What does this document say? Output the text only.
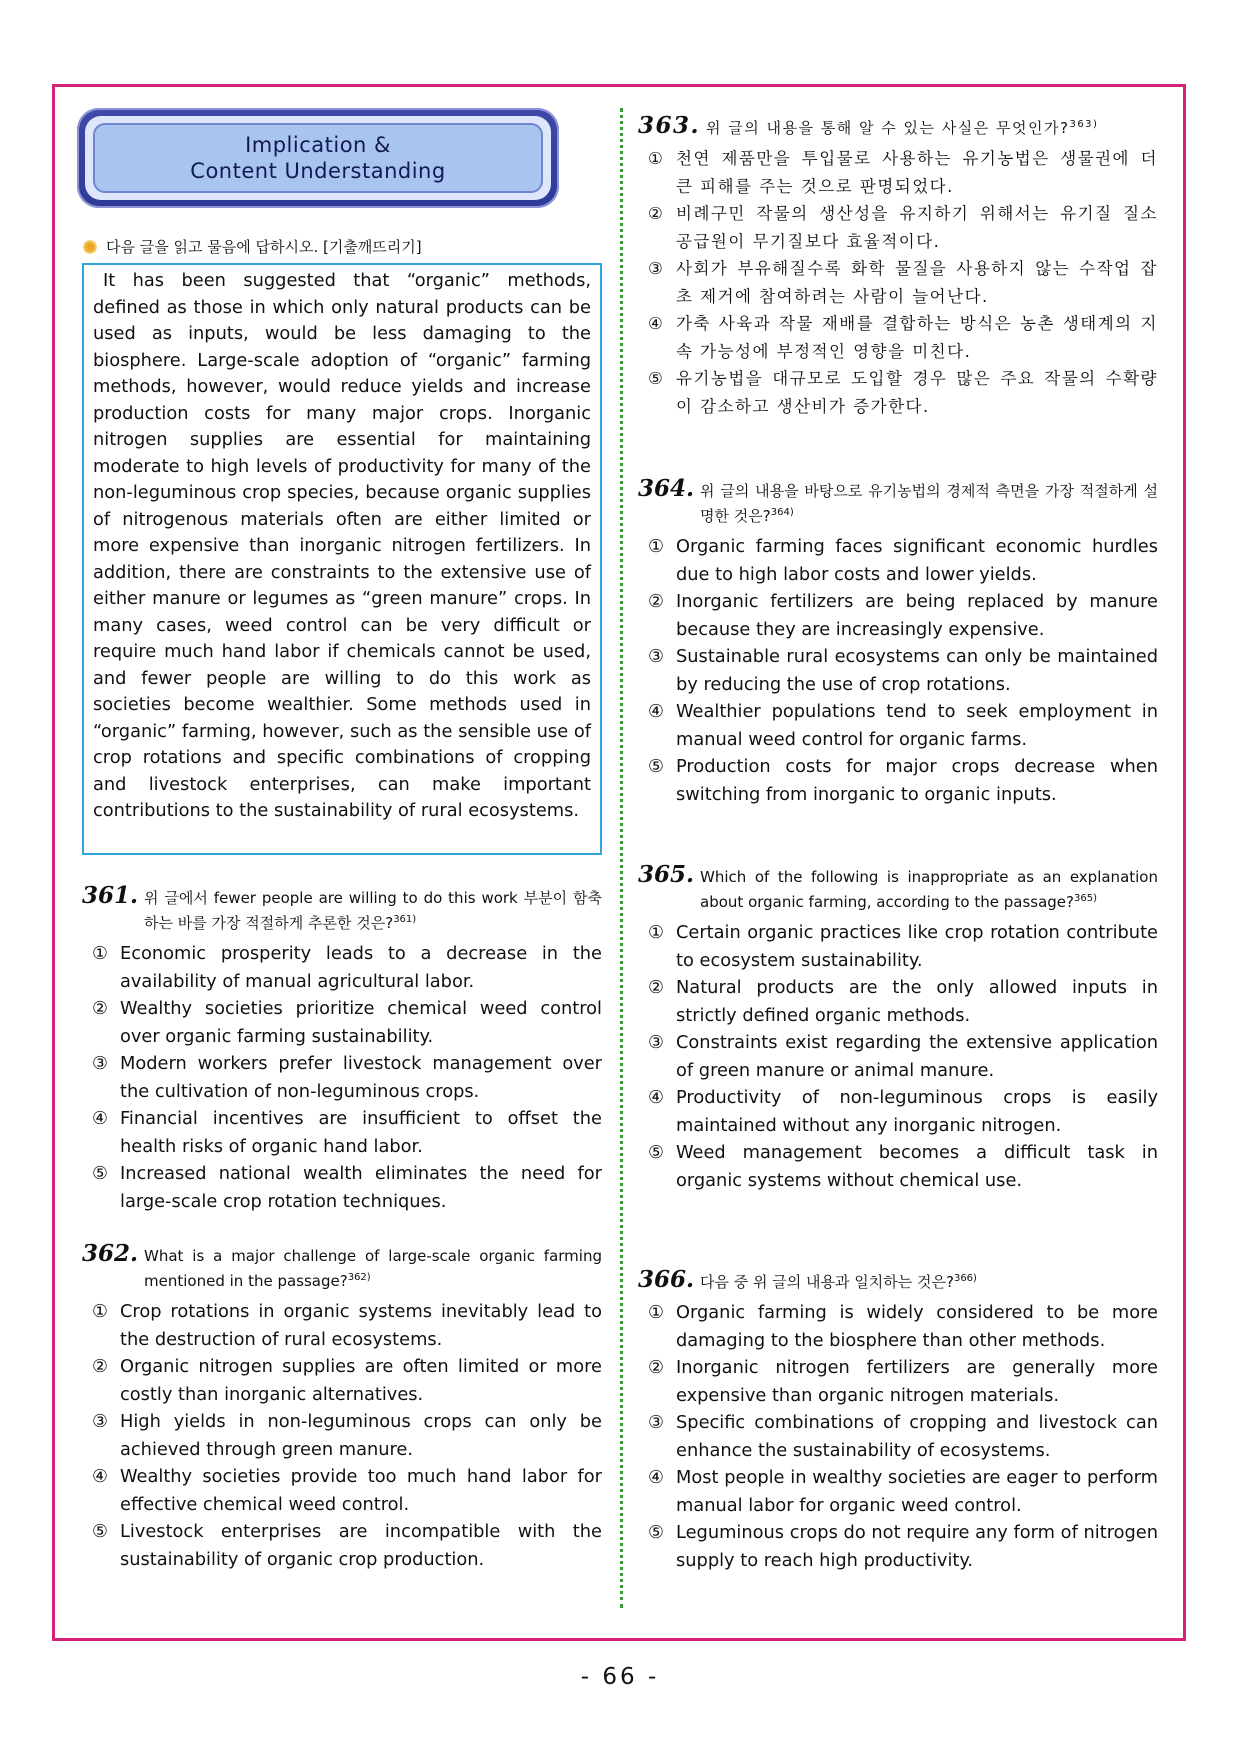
Implication &
Content Understanding
다음 글을 읽고 물음에 답하시오. [기출깨뜨리기]
It has been suggested that “organic” methods, defined as those in which only natural products can be used as inputs, would be less damaging to the biosphere. Large-scale adoption of “organic” farming methods, however, would reduce yields and increase production costs for many major crops. Inorganic nitrogen supplies are essential for maintaining moderate to high levels of productivity for many of the non-leguminous crop species, because organic supplies of nitrogenous materials often are either limited or more expensive than inorganic nitrogen fertilizers. In addition, there are constraints to the extensive use of either manure or legumes as “green manure” crops. In many cases, weed control can be very difficult or require much hand labor if chemicals cannot be used, and fewer people are willing to do this work as societies become wealthier. Some methods used in “organic” farming, however, such as the sensible use of crop rotations and specific combinations of cropping and livestock enterprises, can make important contributions to the sustainability of rural ecosystems.
361. 위 글에서 fewer people are willing to do this work 부분이 함축하는 바를 가장 적절하게 추론한 것은?$^{361)}$
① Economic prosperity leads to a decrease in the availability of manual agricultural labor.
② Wealthy societies prioritize chemical weed control over organic farming sustainability.
③ Modern workers prefer livestock management over the cultivation of non-leguminous crops.
④ Financial incentives are insufficient to offset the health risks of organic hand labor.
⑤ Increased national wealth eliminates the need for large-scale crop rotation techniques.
362. What is a major challenge of large-scale organic farming mentioned in the passage?$^{362)}$
① Crop rotations in organic systems inevitably lead to the destruction of rural ecosystems.
② Organic nitrogen supplies are often limited or more costly than inorganic alternatives.
③ High yields in non-leguminous crops can only be achieved through green manure.
④ Wealthy societies provide too much hand labor for effective chemical weed control.
⑤ Livestock enterprises are incompatible with the sustainability of organic crop production.
363. 위 글의 내용을 통해 알 수 있는 사실은 무엇인가?$^{363)}$
① 천연 제품만을 투입물로 사용하는 유기농법은 생물권에 더 큰 피해를 주는 것으로 판명되었다.
② 비례구민 작물의 생산성을 유지하기 위해서는 유기질 질소 공급원이 무기질보다 효율적이다.
③ 사회가 부유해질수록 화학 물질을 사용하지 않는 수작업 잡초 제거에 참여하려는 사람이 늘어난다.
④ 가축 사육과 작물 재배를 결합하는 방식은 농촌 생태계의 지속 가능성에 부정적인 영향을 미친다.
⑤ 유기농법을 대규모로 도입할 경우 많은 주요 작물의 수확량이 감소하고 생산비가 증가한다.
364. 위 글의 내용을 바탕으로 유기농법의 경제적 측면을 가장 적절하게 설명한 것은?$^{364)}$
① Organic farming faces significant economic hurdles due to high labor costs and lower yields.
② Inorganic fertilizers are being replaced by manure because they are increasingly expensive.
③ Sustainable rural ecosystems can only be maintained by reducing the use of crop rotations.
④ Wealthier populations tend to seek employment in manual weed control for organic farms.
⑤ Production costs for major crops decrease when switching from inorganic to organic inputs.
365. Which of the following is inappropriate as an explanation about organic farming, according to the passage?$^{365)}$
① Certain organic practices like crop rotation contribute to ecosystem sustainability.
② Natural products are the only allowed inputs in strictly defined organic methods.
③ Constraints exist regarding the extensive application of green manure or animal manure.
④ Productivity of non-leguminous crops is easily maintained without any inorganic nitrogen.
⑤ Weed management becomes a difficult task in organic systems without chemical use.
366. 다음 중 위 글의 내용과 일치하는 것은?$^{366)}$
① Organic farming is widely considered to be more damaging to the biosphere than other methods.
② Inorganic nitrogen fertilizers are generally more expensive than organic nitrogen materials.
③ Specific combinations of cropping and livestock can enhance the sustainability of ecosystems.
④ Most people in wealthy societies are eager to perform manual labor for organic weed control.
⑤ Leguminous crops do not require any form of nitrogen supply to reach high productivity.
- 66 -
